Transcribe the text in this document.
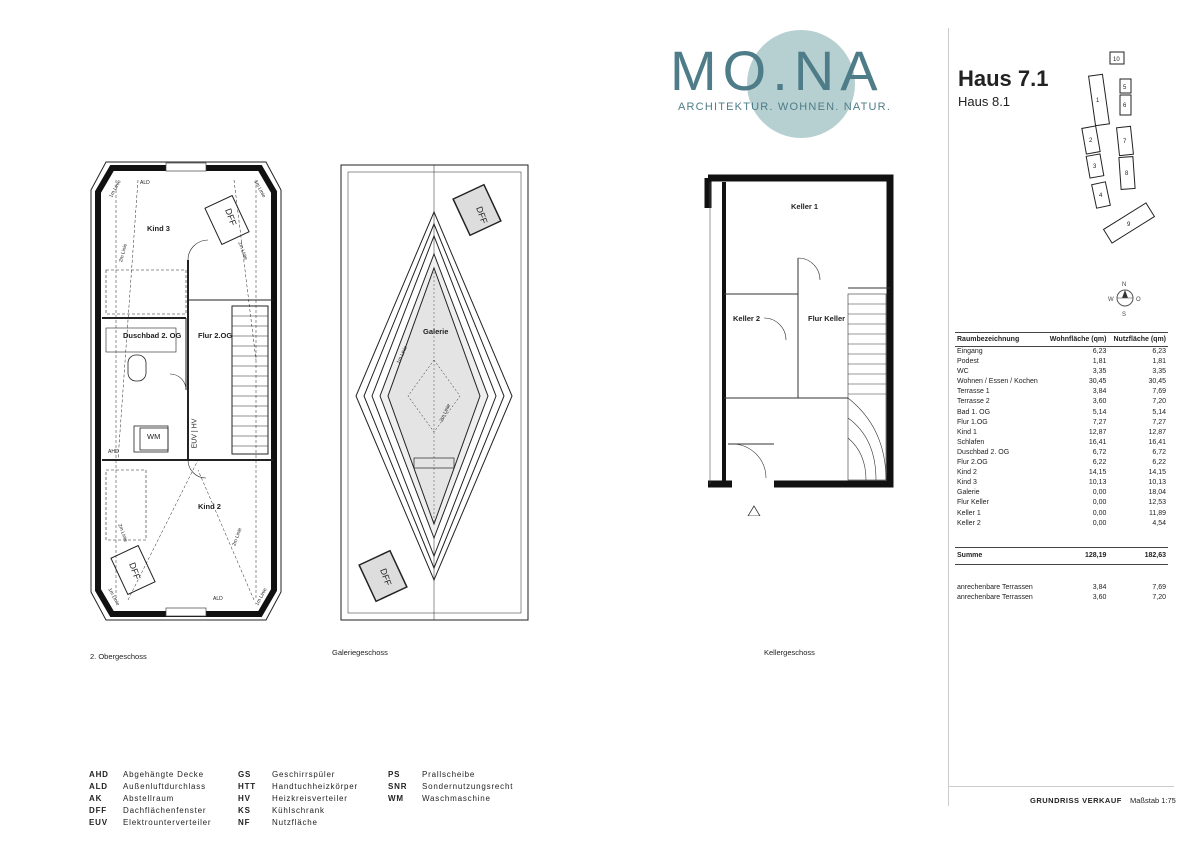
MO.NA
ARCHITEKTUR. WOHNEN. NATUR.
Haus 7.1
Haus 8.1
10
5
6
1
7
2
3
8
4
9
N
W	O
S
Raumbezeichnung	Wohnfläche (qm)	Nutzfläche (qm)
Eingang	6,23	6,23
Podest	1,81	1,81
WC	3,35	3,35
Wohnen / Essen / Kochen	30,45	30,45
Terrasse 1	3,84	7,69
Terrasse 2	3,60	7,20
Bad 1. OG	5,14	5,14
Flur 1.OG	7,27	7,27
Kind 1	12,87	12,87
Schlafen	16,41	16,41
Duschbad 2. OG	6,72	6,72
Flur 2.OG	6,22	6,22
Kind 2	14,15	14,15
Kind 3	10,13	10,13
Galerie	0,00	18,04
Flur Keller	0,00	12,53
Keller 1	0,00	11,89
Keller 2	0,00	4,54

Summe	128,19	182,63

anrechenbare Terrassen	3,84	7,69
anrechenbare Terrassen	3,60	7,20
GRUNDRISS VERKAUF Maßstab 1:75
Kind 3
Flur 2.OG
Duschbad 2. OG
Kind 2
WM
ALD
ALD
AHD
DFF
DFF
1m Linie	1m Linie
1m Linie	1m Linie
2m Linie	2m Linie
2m Linie	2m Linie
EUV | HV
2. Obergeschoss
Galerie
DFF
DFF
1m Linie
2m Linie
Galeriegeschoss
Keller 1
Keller 2	Flur Keller
Kellergeschoss
AHD Abgehängte Decke
ALD Außenluftdurchlass
AK	Abstellraum
DFF Dachflächenfenster
EUV Elektrounterverteiler
GS	Geschirrspüler
HTT Handtuchheizkörper
HV	Heizkreisverteiler
KS	Kühlschrank
NF	Nutzfläche
PS	Prallscheibe
SNR Sondernutzungsrecht
WM Waschmaschine
